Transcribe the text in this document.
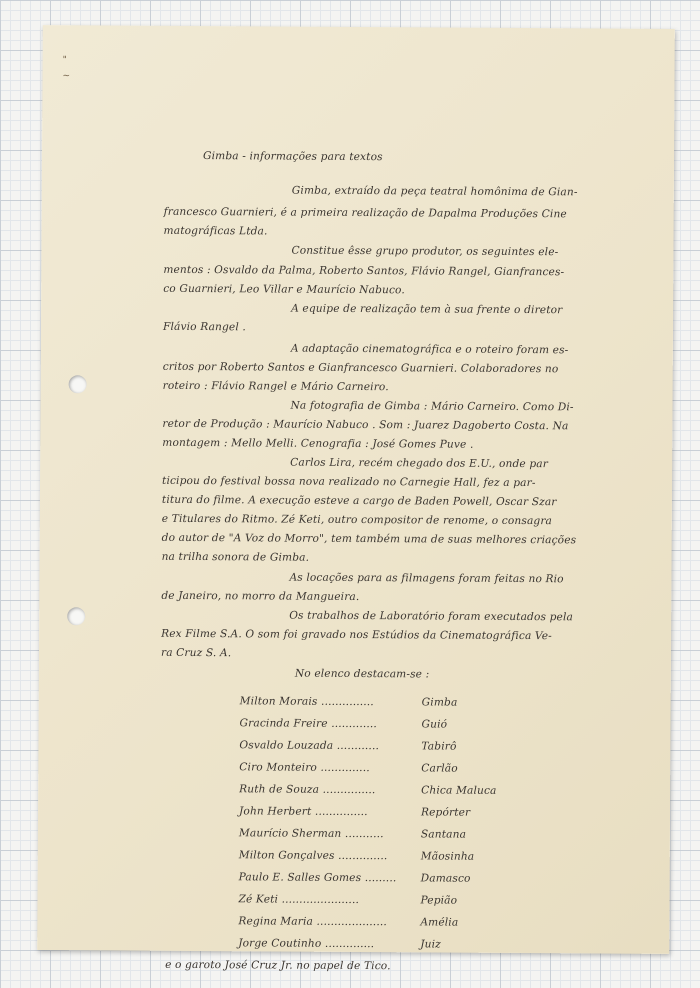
"
~
Gimba - informações para textos
Gimba, extraído da peça teatral homônima de Gian-
francesco Guarnieri, é a primeira realização de Dapalma Produções Cine
matográficas Ltda.
Constitue êsse grupo produtor, os seguintes ele-
mentos : Osvaldo da Palma, Roberto Santos, Flávio Rangel, Gianfrances-
co Guarnieri, Leo Villar e Maurício Nabuco.
A equipe de realização tem à sua frente o diretor
Flávio Rangel .
A adaptação cinematográfica e o roteiro foram es-
critos por Roberto Santos e Gianfrancesco Guarnieri. Colaboradores no
roteiro : Flávio Rangel e Mário Carneiro.
Na fotografia de Gimba : Mário Carneiro. Como Di-
retor de Produção : Maurício Nabuco . Som : Juarez Dagoberto Costa. Na
montagem : Mello Melli. Cenografia : José Gomes Puve .
Carlos Lira, recém chegado dos E.U., onde par
ticipou do festival bossa nova realizado no Carnegie Hall, fez a par-
titura do filme. A execução esteve a cargo de Baden Powell, Oscar Szar
e Titulares do Ritmo. Zé Keti, outro compositor de renome, o consagra
do autor de "A Voz do Morro", tem também uma de suas melhores criações
na trilha sonora de Gimba.
As locações para as filmagens foram feitas no Rio
de Janeiro, no morro da Mangueira.
Os trabalhos de Laboratório foram executados pela
Rex Filme S.A. O som foi gravado nos Estúdios da Cinematográfica Ve-
ra Cruz S. A.
No elenco destacam-se :
Milton Morais ...............	Gimba
Gracinda Freire .............	Guió
Osvaldo Louzada ............	Tabirô
Ciro Monteiro ..............	Carlão
Ruth de Souza ...............	Chica Maluca
John Herbert ...............	Repórter
Maurício Sherman ...........	Santana
Milton Gonçalves ..............	Mãosinha
Paulo E. Salles Gomes ......... Damasco
Zé Keti ......................	Pepião
Regina Maria ....................	Amélia
Jorge Coutinho ..............	Juiz
e o garoto José Cruz Jr. no papel de Tico.
